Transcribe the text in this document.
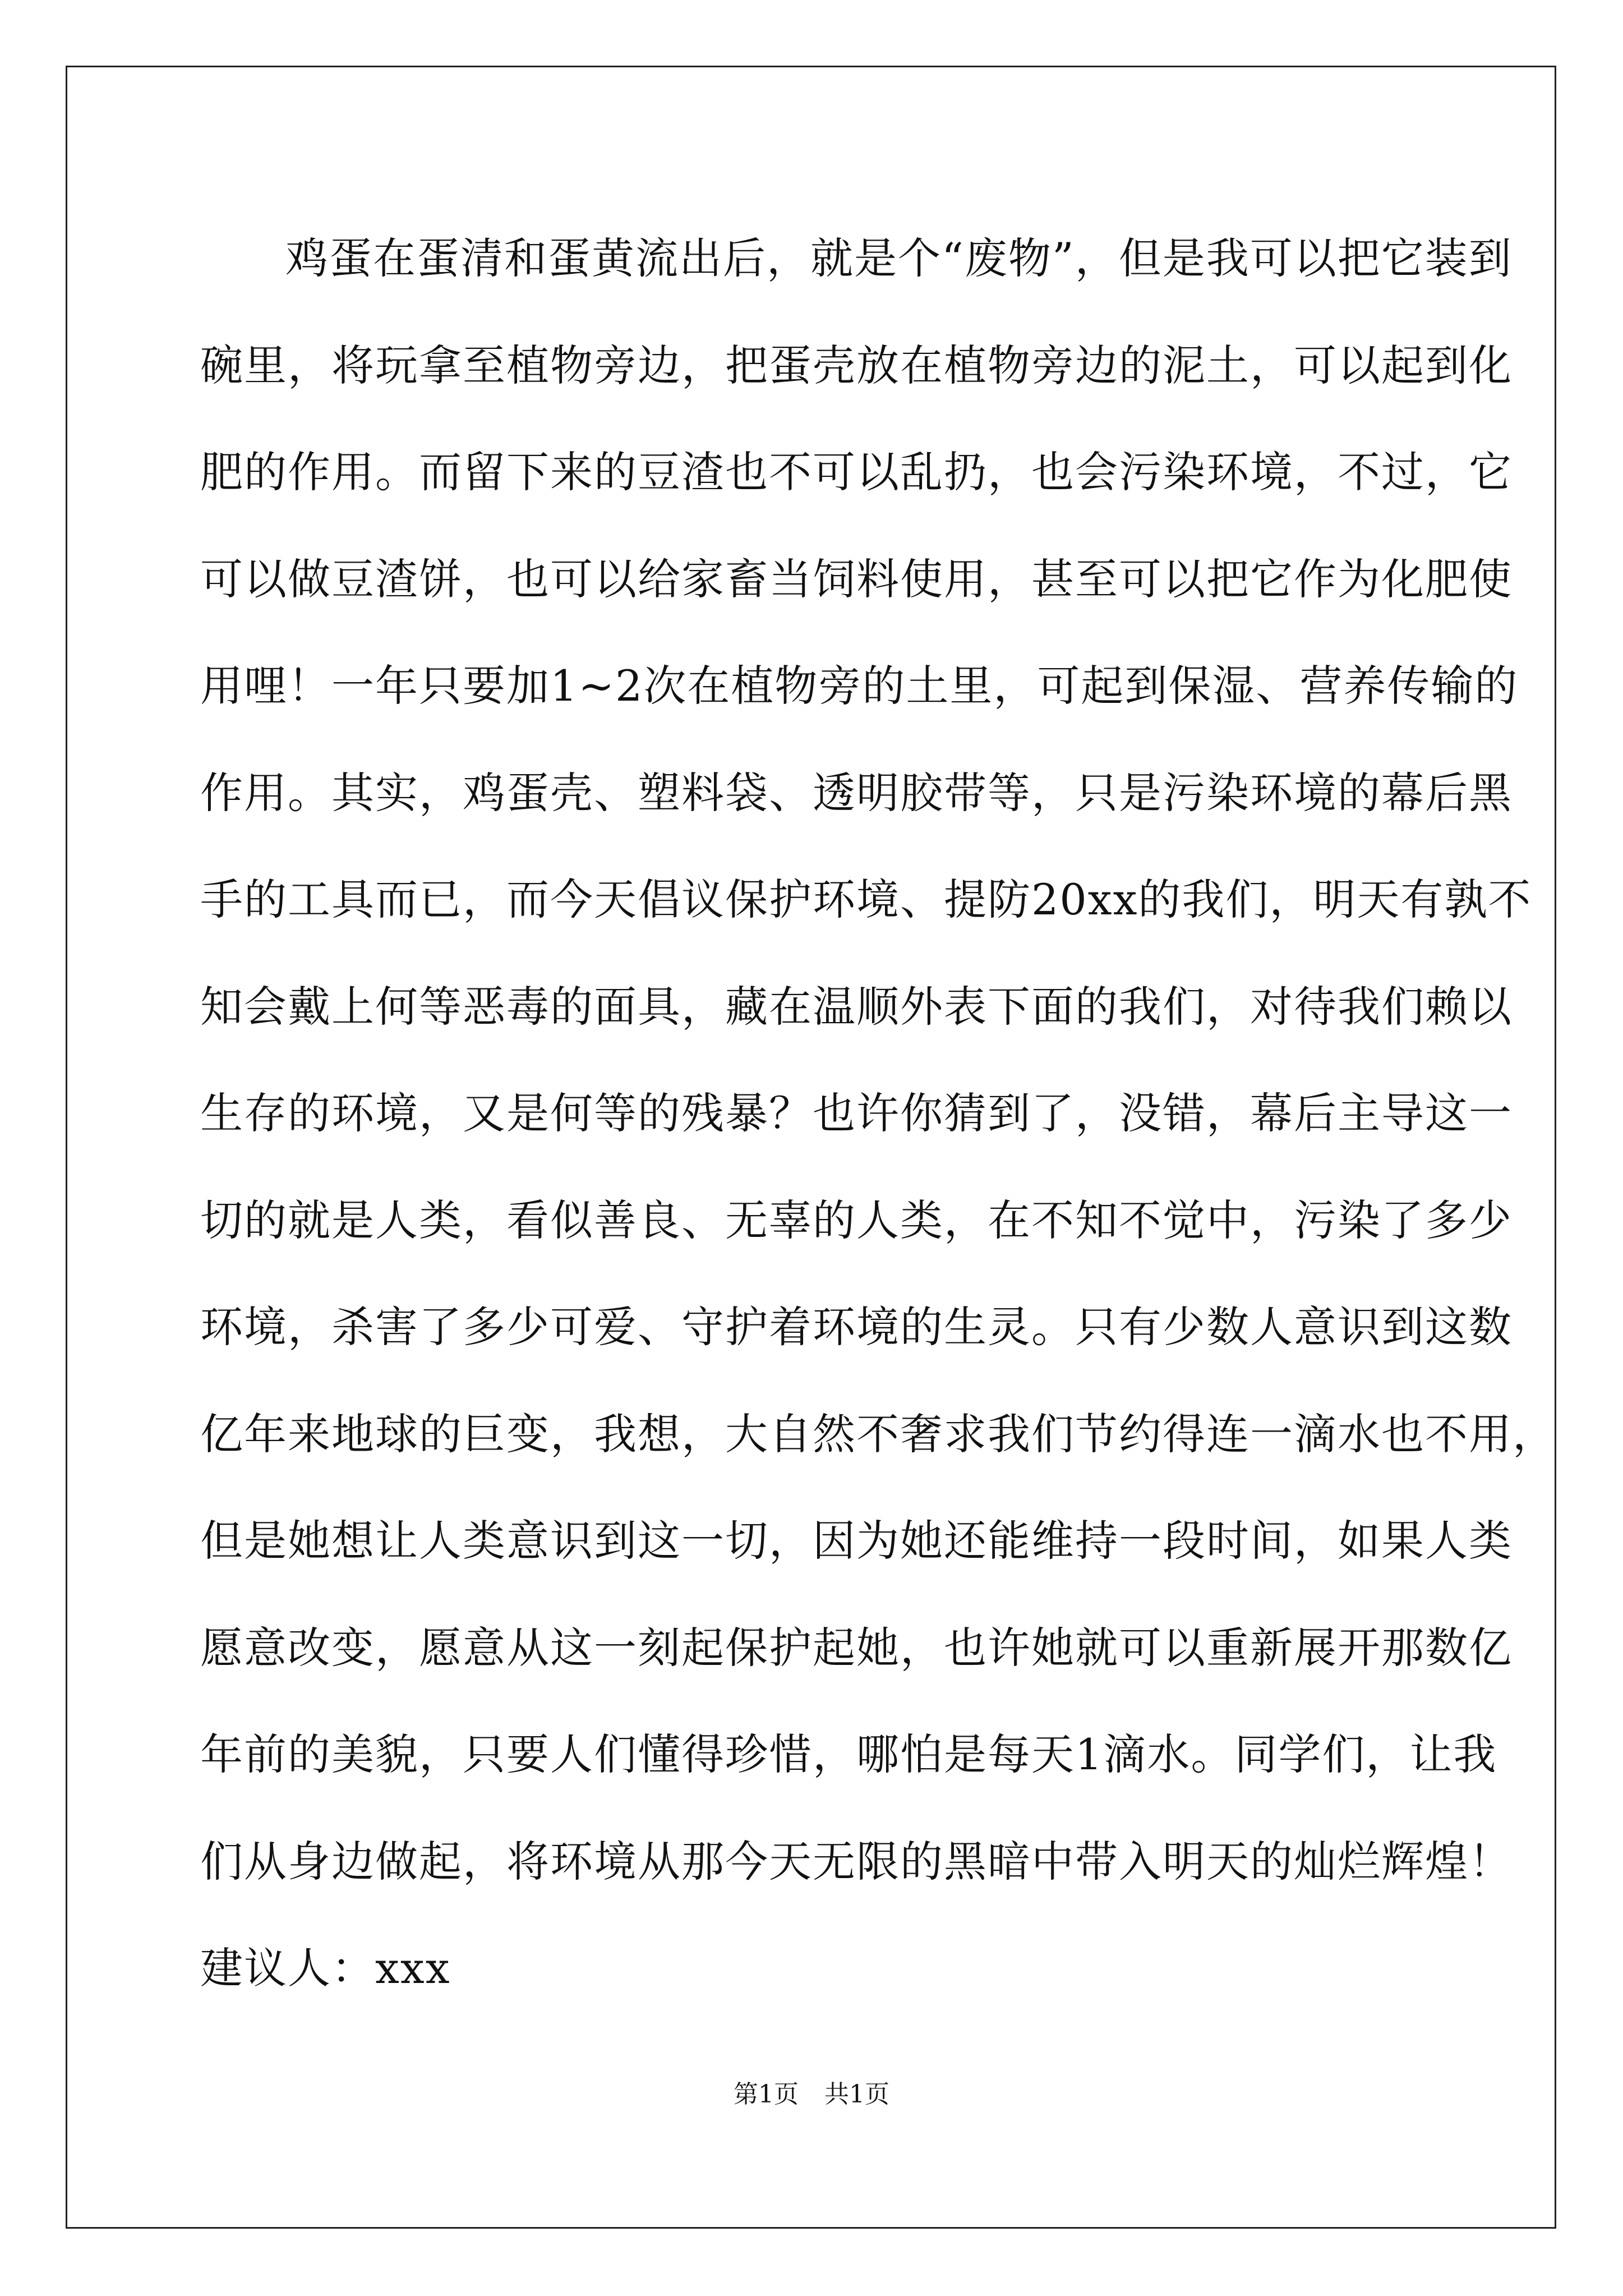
鸡蛋在蛋清和蛋黄流出后，就是个“废物”，但是我可以把它装到
碗里，将玩拿至植物旁边，把蛋壳放在植物旁边的泥土，可以起到化
肥的作用。而留下来的豆渣也不可以乱扔，也会污染环境，不过，它
可以做豆渣饼，也可以给家畜当饲料使用，甚至可以把它作为化肥使
用哩！一年只要加1~2次在植物旁的土里，可起到保湿、营养传输的
作用。其实，鸡蛋壳、塑料袋、透明胶带等，只是污染环境的幕后黑
手的工具而已，而今天倡议保护环境、提防20xx的我们，明天有孰不
知会戴上何等恶毒的面具，藏在温顺外表下面的我们，对待我们赖以
生存的环境，又是何等的残暴？也许你猜到了，没错，幕后主导这一
切的就是人类，看似善良、无辜的人类，在不知不觉中，污染了多少
环境，杀害了多少可爱、守护着环境的生灵。只有少数人意识到这数
亿年来地球的巨变，我想，大自然不奢求我们节约得连一滴水也不用，
但是她想让人类意识到这一切，因为她还能维持一段时间，如果人类
愿意改变，愿意从这一刻起保护起她，也许她就可以重新展开那数亿
年前的美貌，只要人们懂得珍惜，哪怕是每天1滴水。同学们，让我
们从身边做起，将环境从那今天无限的黑暗中带入明天的灿烂辉煌！

建议人：xxx

第1页 共1页
